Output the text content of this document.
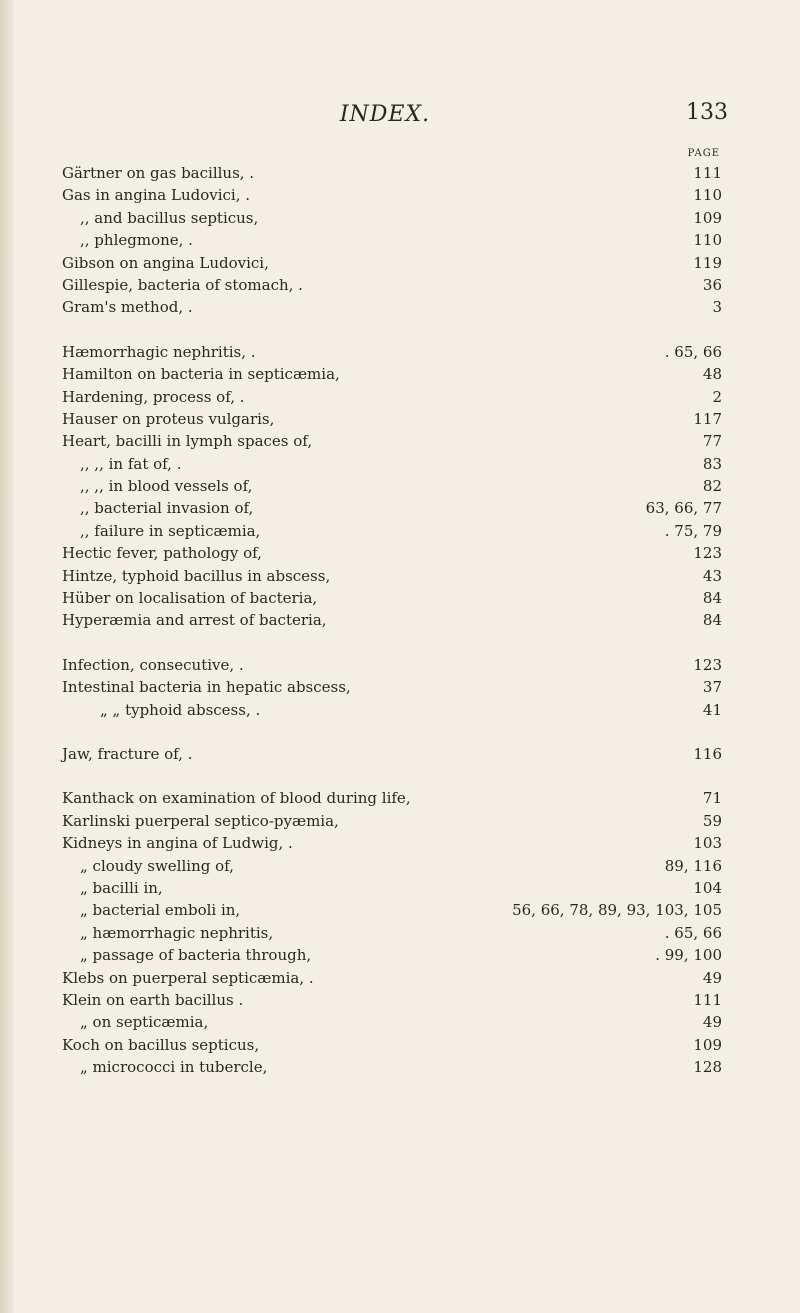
INDEX.	133
PAGE
Gärtner on gas bacillus, .	111
Gas in angina Ludovici, .	110
,, and bacillus septicus,	109
,, phlegmone, .	110
Gibson on angina Ludovici,	119
Gillespie, bacteria of stomach, .	36
Gram's method, .	3
Hæmorrhagic nephritis, .	. 65, 66
Hamilton on bacteria in septicæmia,	48
Hardening, process of, .	2
Hauser on proteus vulgaris,	117
Heart, bacilli in lymph spaces of,	77
,, ,, in fat of, .	83
,, ,, in blood vessels of,	82
,, bacterial invasion of,	63, 66, 77
,, failure in septicæmia,	. 75, 79
Hectic fever, pathology of,	123
Hintze, typhoid bacillus in abscess,	43
Hüber on localisation of bacteria,	84
Hyperæmia and arrest of bacteria,	84
Infection, consecutive, .	123
Intestinal bacteria in hepatic abscess,	37
„ „ typhoid abscess, .	41
Jaw, fracture of, .	116
Kanthack on examination of blood during life,	71
Karlinski puerperal septico-pyæmia,	59
Kidneys in angina of Ludwig, .	103
„ cloudy swelling of,	89, 116
„ bacilli in,	104
„ bacterial emboli in,	56, 66, 78, 89, 93, 103, 105
„ hæmorrhagic nephritis,	. 65, 66
„ passage of bacteria through,	. 99, 100
Klebs on puerperal septicæmia, .	49
Klein on earth bacillus .	111
„ on septicæmia,	49
Koch on bacillus septicus,	109
„ micrococci in tubercle,	128
